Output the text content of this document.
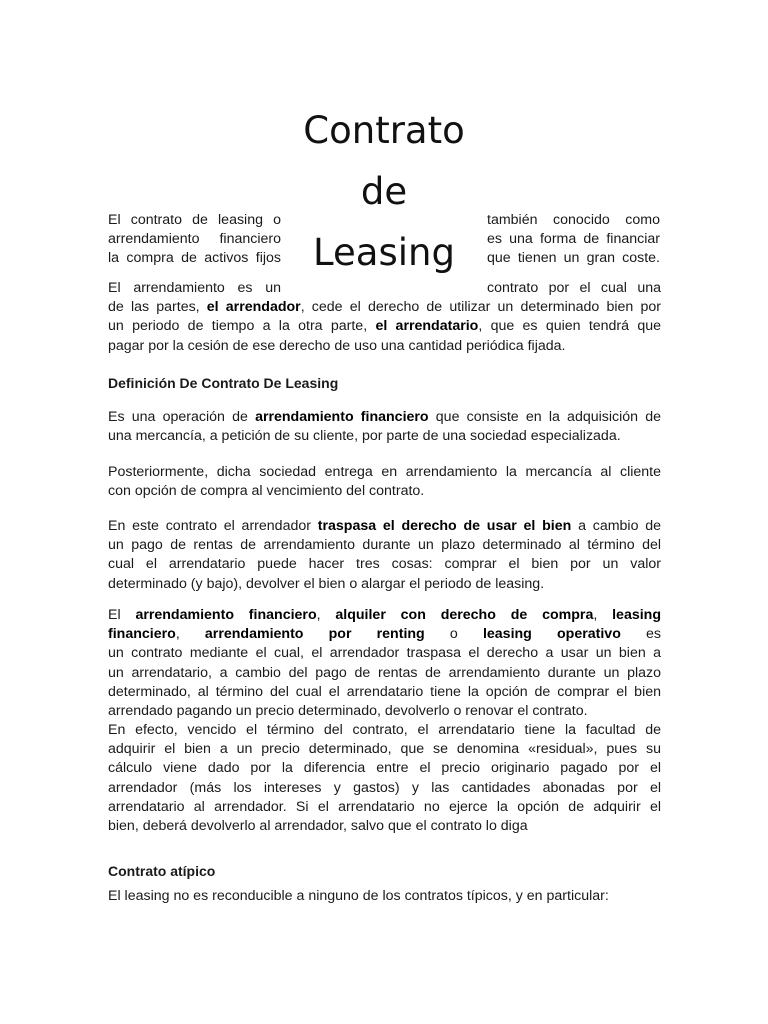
Contrato
de
Leasing
El contrato de leasing o
arrendamiento financiero
la compra de activos fijos
también conocido como
es una forma de financiar
que tienen un gran coste.
El arrendamiento es un	contrato por el cual una
de las partes, el arrendador, cede el derecho de utilizar un determinado bien por
un periodo de tiempo a la otra parte, el arrendatario, que es quien tendrá que
pagar por la cesión de ese derecho de uso una cantidad periódica fijada.
Definición De Contrato De Leasing
Es una operación de arrendamiento financiero que consiste en la adquisición de
una mercancía, a petición de su cliente, por parte de una sociedad especializada.
Posteriormente, dicha sociedad entrega en arrendamiento la mercancía al cliente
con opción de compra al vencimiento del contrato.
En este contrato el arrendador traspasa el derecho de usar el bien a cambio de
un pago de rentas de arrendamiento durante un plazo determinado al término del
cual el arrendatario puede hacer tres cosas: comprar el bien por un valor
determinado (y bajo), devolver el bien o alargar el periodo de leasing.
El arrendamiento financiero, alquiler con derecho de compra, leasing
financiero, arrendamiento por renting o leasing operativo es
un contrato mediante el cual, el arrendador traspasa el derecho a usar un bien a
un arrendatario, a cambio del pago de rentas de arrendamiento durante un plazo
determinado, al término del cual el arrendatario tiene la opción de comprar el bien
arrendado pagando un precio determinado, devolverlo o renovar el contrato.
En efecto, vencido el término del contrato, el arrendatario tiene la facultad de
adquirir el bien a un precio determinado, que se denomina «residual», pues su
cálculo viene dado por la diferencia entre el precio originario pagado por el
arrendador (más los intereses y gastos) y las cantidades abonadas por el
arrendatario al arrendador. Si el arrendatario no ejerce la opción de adquirir el
bien, deberá devolverlo al arrendador, salvo que el contrato lo diga
Contrato atípico
El leasing no es reconducible a ninguno de los contratos típicos, y en particular:
